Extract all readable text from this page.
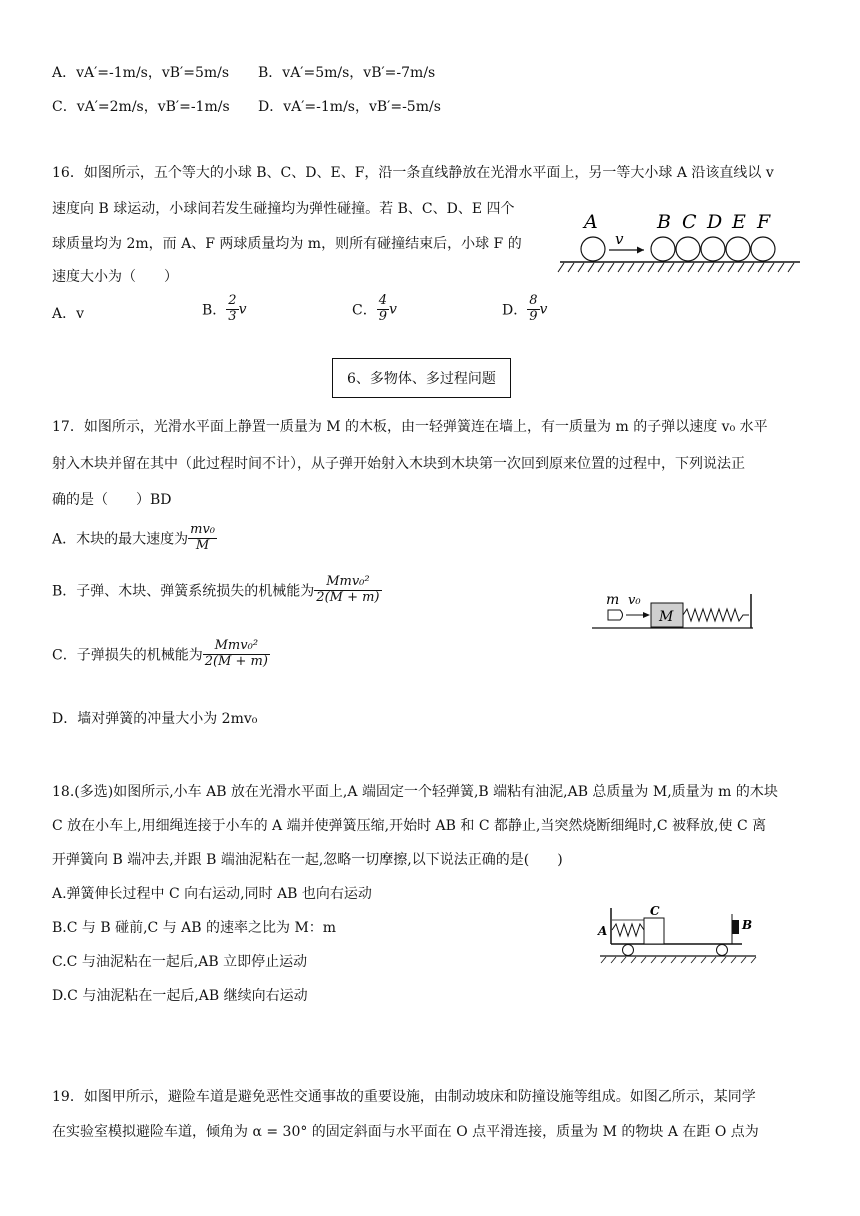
A．vA′=-1m/s，vB′=5m/s B．vA′=5m/s，vB′=-7m/s
C．vA′=2m/s，vB′=-1m/s D．vA′=-1m/s，vB′=-5m/s
16．如图所示，五个等大的小球 B、C、D、E、F，沿一条直线静放在光滑水平面上，另一等大小球 A 沿该直线以 v
速度向 B 球运动，小球间若发生碰撞均为弹性碰撞。若 B、C、D、E 四个
球质量均为 2m，而 A、F 两球质量均为 m，则所有碰撞结束后，小球 F 的
速度大小为（　　）
A
v
B C D E F
A．v	B． $\frac{2}{3}$ v	C． $\frac{4}{9}$ v	D． $\frac{8}{9}$ v
6、多物体、多过程问题
17．如图所示，光滑水平面上静置一质量为 M 的木板，由一轻弹簧连在墙上，有一质量为 m 的子弹以速度 v₀ 水平
射入木块并留在其中（此过程时间不计），从子弹开始射入木块到木块第一次回到原来位置的过程中，下列说法正
确的是（　　）BD
A．木块的最大速度为 $\frac{\text{mv₀}}{M}$
B．子弹、木块、弹簧系统损失的机械能为 $\frac{\text{Mmv₀²}}{2(M + m)}$
C．子弹损失的机械能为 $\frac{\text{Mmv₀²}}{2(M + m)}$
D．墙对弹簧的冲量大小为 2mv₀
m v₀
M
18.(多选)如图所示,小车 AB 放在光滑水平面上,A 端固定一个轻弹簧,B 端粘有油泥,AB 总质量为 M,质量为 m 的木块
C 放在小车上,用细绳连接于小车的 A 端并使弹簧压缩,开始时 AB 和 C 都静止,当突然烧断细绳时,C 被释放,使 C 离
开弹簧向 B 端冲去,并跟 B 端油泥粘在一起,忽略一切摩擦,以下说法正确的是(　　)
A.弹簧伸长过程中 C 向右运动,同时 AB 也向右运动
B.C 与 B 碰前,C 与 AB 的速率之比为 M：m
C.C 与油泥粘在一起后,AB 立即停止运动
D.C 与油泥粘在一起后,AB 继续向右运动
A	B
C
19．如图甲所示，避险车道是避免恶性交通事故的重要设施，由制动坡床和防撞设施等组成。如图乙所示，某同学
在实验室模拟避险车道，倾角为 α = 30° 的固定斜面与水平面在 O 点平滑连接，质量为 M 的物块 A 在距 O 点为
